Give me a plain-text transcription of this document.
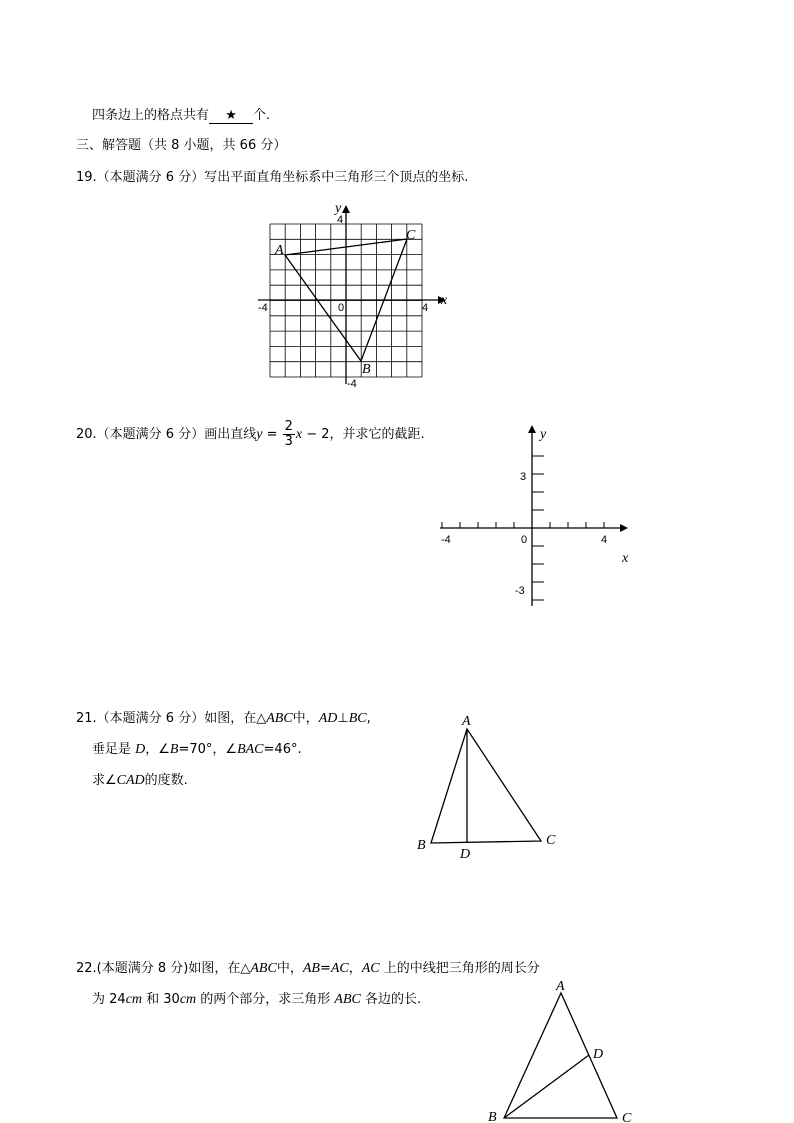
四条边上的格点共有 ★ 个.
三、解答题（共 8 小题，共 66 分）
19.（本题满分 6 分）写出平面直角坐标系中三角形三个顶点的坐标.
y
x
4
-4	4
-4
0
A
B
C
20.（本题满分 6 分）画出直线$y = \frac{2}{3}$ x − 2，并求它的截距.	y
x
3
-3
-4	4
0
21.（本题满分 6 分）如图，在△ABC中，AD⊥BC,
垂足是 D，∠B=70°，∠BAC=46°.
求∠CAD的度数.
A
B	C
D
22.(本题满分 8 分)如图，在△ABC中，AB=AC，AC 上的中线把三角形的周长分
为 24cm 和 30cm 的两个部分，求三角形 ABC 各边的长.
A
B	C
D
